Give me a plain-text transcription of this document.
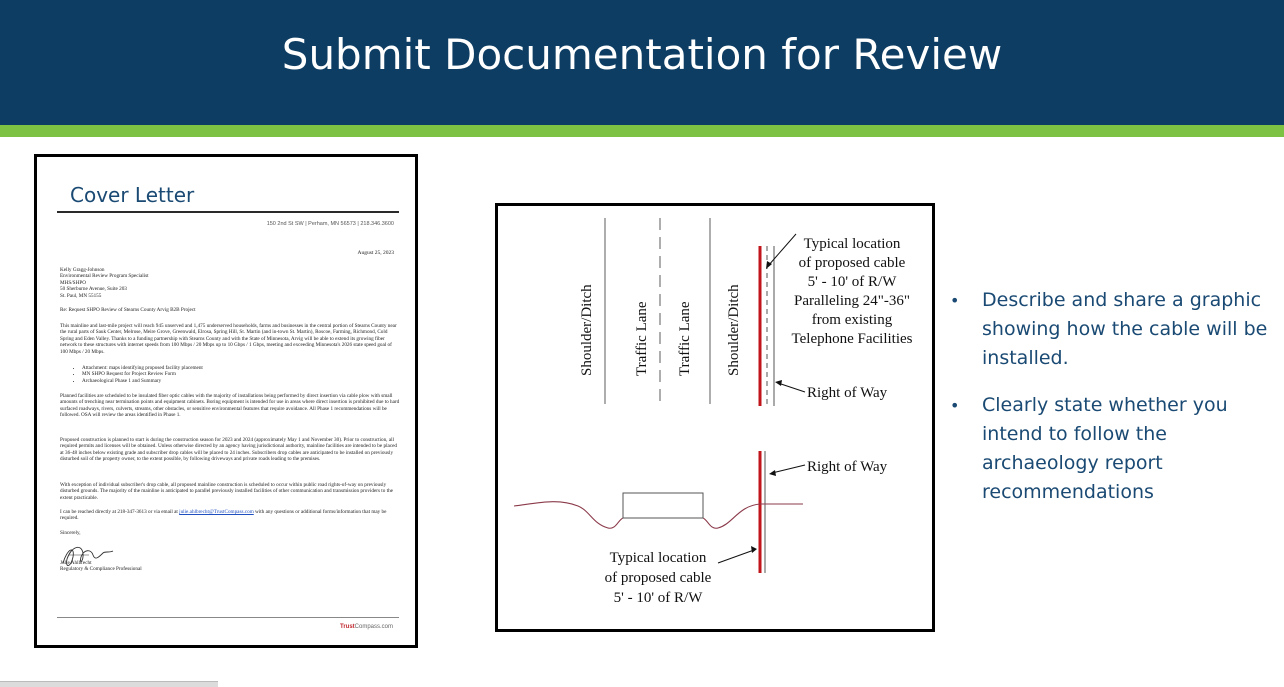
Submit Documentation for Review
Cover Letter
150 2nd St SW | Perham, MN 56573 | 218.346.3600
August 25, 2023
Kelly Gragg-Johnson
Environmental Review Program Specialist
MHS/SHPO
50 Sherburne Avenue, Suite 203
St. Paul, MN 55155
Re: Request SHPO Review of Stearns County Arvig B2B Project
This mainline and last-mile project will reach 945 unserved and 1,475 underserved households, farms and businesses in the central portion of Stearns County near the rural parts of Sauk Center, Melrose, Meire Grove, Greenwald, Elrosa, Spring Hill, St. Martin (and in-town St. Martin), Roscoe, Farming, Richmond, Cold Spring and Eden Valley. Thanks to a funding partnership with Stearns County and with the State of Minnesota, Arvig will be able to extend its growing fiber network to these structures with internet speeds from 100 Mbps / 20 Mbps up to 10 Gbps / 1 Gbps, meeting and exceeding Minnesota's 2026 state speed goal of 100 Mbps / 20 Mbps.
• Attachment: maps identifying proposed facility placement
• MN SHPO Request for Project Review Form
• Archaeological Phase 1 and Summary
Planned facilities are scheduled to be insulated fiber optic cables with the majority of installations being performed by direct insertion via cable plow with small amounts of trenching near termination points and equipment cabinets. Boring equipment is intended for use in areas where direct insertion is prohibited due to hard surfaced roadways, rivers, culverts, streams, other obstacles, or sensitive environmental features that require avoidance. All Phase 1 recommendations will be followed. OSA will review the areas identified in Phase 1.
Proposed construction is planned to start is during the construction season for 2023 and 2024 (approximately May 1 and November 30). Prior to construction, all required permits and licenses will be obtained. Unless otherwise directed by an agency having jurisdictional authority, mainline facilities are intended to be placed at 36-48 inches below existing grade and subscriber drop cables will be placed to 24 inches. Subscribers drop cables are anticipated to be installed on previously disturbed soil of the property owner, to the extent possible, by following driveways and private roads leading to the premises.
With exception of individual subscriber's drop cable, all proposed mainline construction is scheduled to occur within public road rights-of-way on previously disturbed grounds. The majority of the mainline is anticipated to parallel previously installed facilities of other communication and transmission providers to the extent practicable.
I can be reached directly at 218-347-3613 or via email at julie.ahlbrecht@TrustCompass.com with any questions or additional forms/information that may be required.
Sincerely,
Julie Ahlbrecht
Regulatory & Compliance Professional
TrustCompass.com
Shoulder/Ditch	Traffic Lane Traffic Lane Shoulder/Ditch
Typical location
of proposed cable
5' - 10' of R/W
Paralleling 24"-36"
from existing
Telephone Facilities
Right of Way
Right of Way
Typical location
of proposed cable
5' - 10' of R/W
• Describe and share a graphic showing how the cable will be installed.
• Clearly state whether you intend to follow the archaeology report recommendations
